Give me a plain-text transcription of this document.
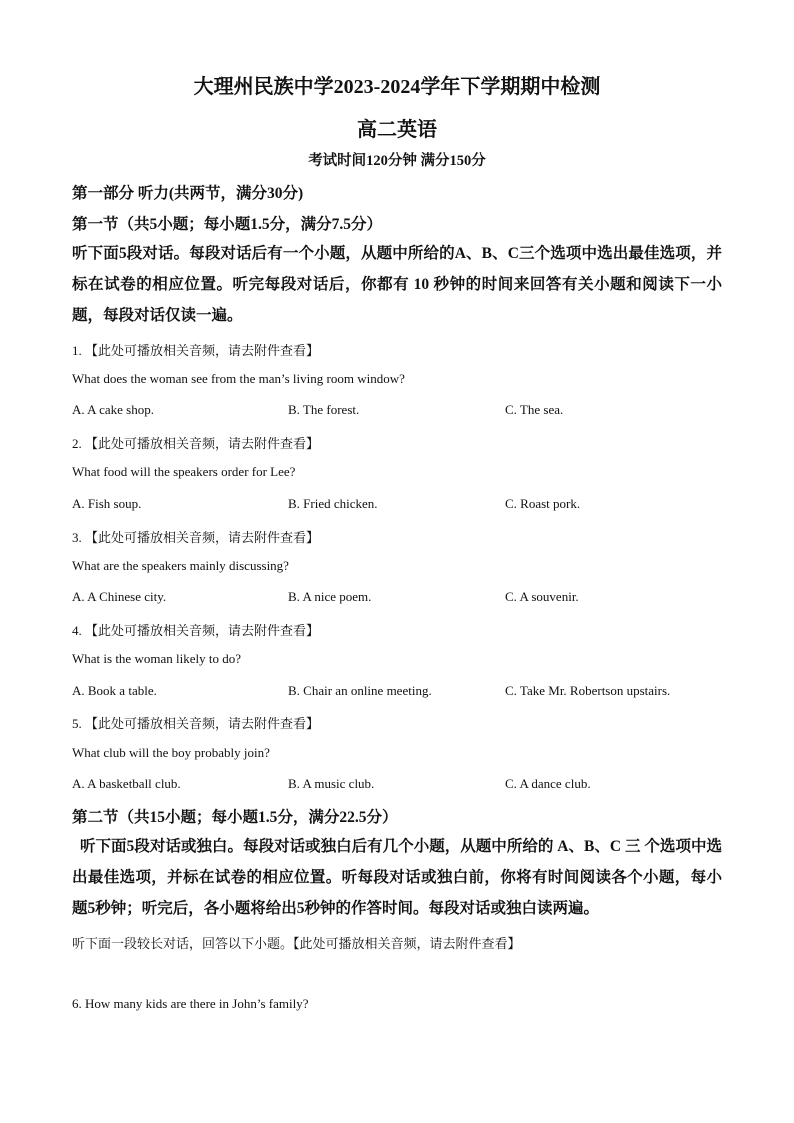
大理州民族中学2023-2024学年下学期期中检测
高二英语
考试时间120分钟 满分150分
第一部分 听力(共两节，满分30分)
第一节（共5小题；每小题1.5分，满分7.5分）
听下面5段对话。每段对话后有一个小题，从题中所给的A、B、C三个选项中选出最佳选项，并标在试卷的相应位置。听完每段对话后，你都有 10 秒钟的时间来回答有关小题和阅读下一小题，每段对话仅读一遍。
1. 【此处可播放相关音频，请去附件查看】
What does the woman see from the man’s living room window?
A. A cake shop.	B. The forest.	C. The sea.
2. 【此处可播放相关音频，请去附件查看】
What food will the speakers order for Lee?
A. Fish soup.	B. Fried chicken.	C. Roast pork.
3. 【此处可播放相关音频，请去附件查看】
What are the speakers mainly discussing?
A. A Chinese city.	B. A nice poem.	C. A souvenir.
4. 【此处可播放相关音频，请去附件查看】
What is the woman likely to do?
A. Book a table.	B. Chair an online meeting.	C. Take Mr. Robertson upstairs.
5. 【此处可播放相关音频，请去附件查看】
What club will the boy probably join?
A. A basketball club.	B. A music club.	C. A dance club.
第二节（共15小题；每小题1.5分，满分22.5分）
听下面5段对话或独白。每段对话或独白后有几个小题，从题中所给的 A、B、C 三 个选项中选出最佳选项，并标在试卷的相应位置。听每段对话或独白前，你将有时间阅读各个小题，每小题5秒钟；听完后，各小题将给出5秒钟的作答时间。每段对话或独白读两遍。
听下面一段较长对话，回答以下小题。【此处可播放相关音频，请去附件查看】
6. How many kids are there in John’s family?
